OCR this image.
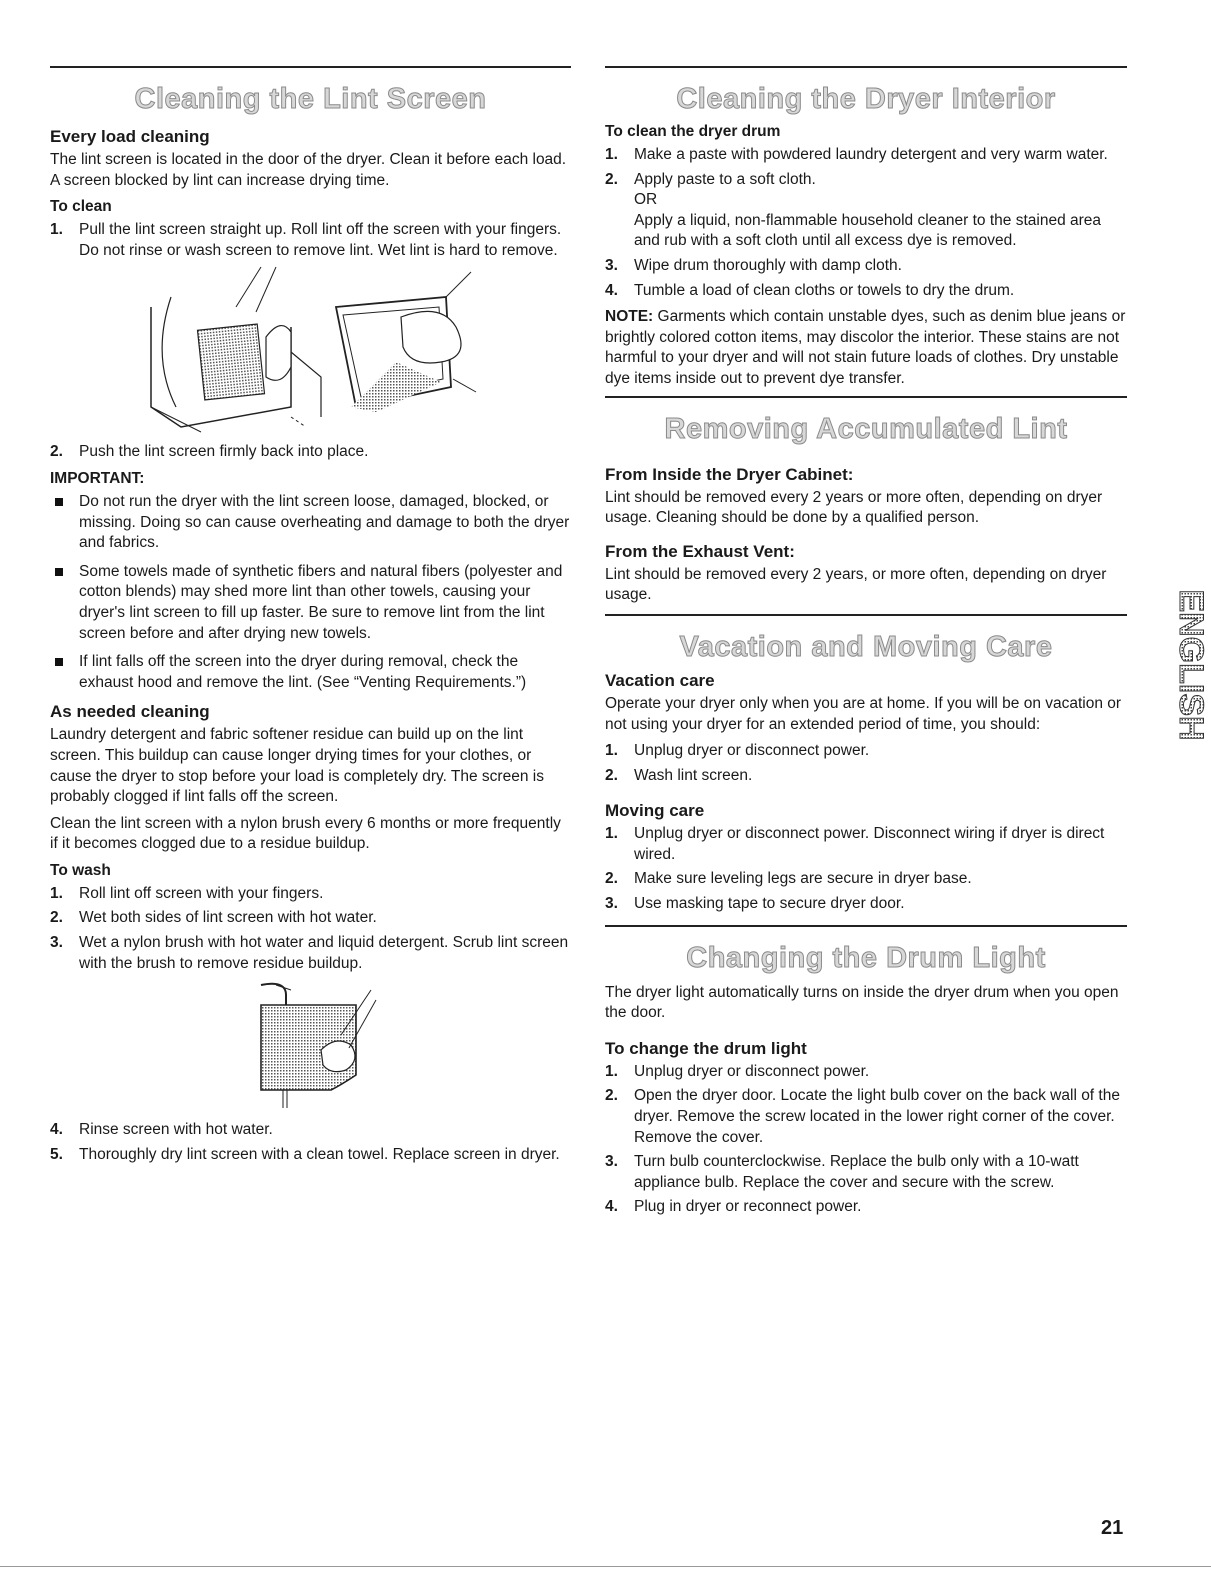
Cleaning the Lint Screen
Every load cleaning

The lint screen is located in the door of the dryer. Clean it before each load. A screen blocked by lint can increase drying time.

To clean
1. Pull the lint screen straight up. Roll lint off the screen with your fingers. Do not rinse or wash screen to remove lint. Wet lint is hard to remove.
2. Push the lint screen firmly back into place.
IMPORTANT:
Do not run the dryer with the lint screen loose, damaged, blocked, or missing. Doing so can cause overheating and damage to both the dryer and fabrics.
Some towels made of synthetic fibers and natural fibers (polyester and cotton blends) may shed more lint than other towels, causing your dryer's lint screen to fill up faster. Be sure to remove lint from the lint screen before and after drying new towels.
If lint falls off the screen into the dryer during removal, check the exhaust hood and remove the lint. (See “Venting Requirements.”)
As needed cleaning

Laundry detergent and fabric softener residue can build up on the lint screen. This buildup can cause longer drying times for your clothes, or cause the dryer to stop before your load is completely dry. The screen is probably clogged if lint falls off the screen.

Clean the lint screen with a nylon brush every 6 months or more frequently if it becomes clogged due to a residue buildup.

To wash
1. Roll lint off screen with your fingers.
2. Wet both sides of lint screen with hot water.
3. Wet a nylon brush with hot water and liquid detergent. Scrub lint screen with the brush to remove residue buildup.
4. Rinse screen with hot water.
5. Thoroughly dry lint screen with a clean towel. Replace screen in dryer.
Cleaning the Dryer Interior
To clean the dryer drum
1. Make a paste with powdered laundry detergent and very warm water.
2. Apply paste to a soft cloth.
OR
Apply a liquid, non-flammable household cleaner to the stained area and rub with a soft cloth until all excess dye is removed.
3. Wipe drum thoroughly with damp cloth.
4. Tumble a load of clean cloths or towels to dry the drum.

NOTE: Garments which contain unstable dyes, such as denim blue jeans or brightly colored cotton items, may discolor the interior. These stains are not harmful to your dryer and will not stain future loads of clothes. Dry unstable dye items inside out to prevent dye transfer.

Removing Accumulated Lint
From Inside the Dryer Cabinet:

Lint should be removed every 2 years or more often, depending on dryer usage. Cleaning should be done by a qualified person.

From the Exhaust Vent:

Lint should be removed every 2 years, or more often, depending on dryer usage.

Vacation and Moving Care
Vacation care

Operate your dryer only when you are at home. If you will be on vacation or not using your dryer for an extended period of time, you should:

1. Unplug dryer or disconnect power.
2. Wash lint screen.
Moving care
1. Unplug dryer or disconnect power. Disconnect wiring if dryer is direct wired.
2. Make sure leveling legs are secure in dryer base.
3. Use masking tape to secure dryer door.
Changing the Drum Light

The dryer light automatically turns on inside the dryer drum when you open the door.

To change the drum light
1. Unplug dryer or disconnect power.
2. Open the dryer door. Locate the light bulb cover on the back wall of the dryer. Remove the screw located in the lower right corner of the cover. Remove the cover.
3. Turn bulb counterclockwise. Replace the bulb only with a 10-watt appliance bulb. Replace the cover and secure with the screw.
4. Plug in dryer or reconnect power.
ENGLISH
21
